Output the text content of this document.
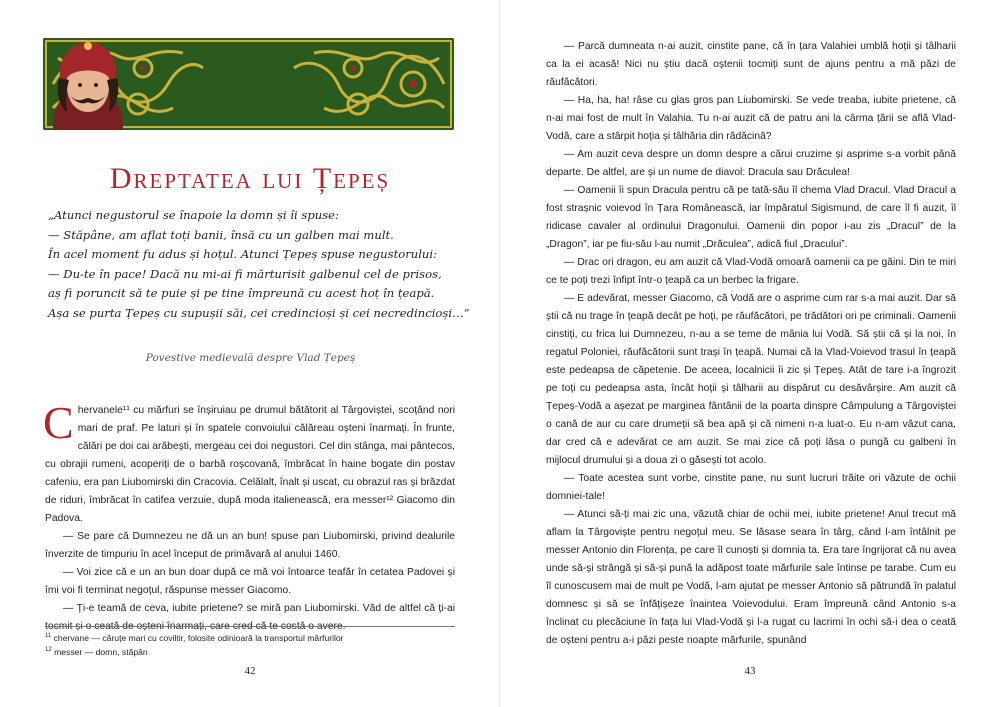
Dreptatea lui Țepeș

„Atunci negustorul se înapoie la domn și îi spuse:

— Stăpâne, am aflat toți banii, însă cu un galben mai mult.

În acel moment fu adus și hoțul. Atunci Țepeș spuse negustorului:

— Du-te în pace! Dacă nu mi-ai fi mărturisit galbenul cel de prisos,

aș fi poruncit să te puie și pe tine împreună cu acest hoț în țeapă.

Așa se purta Țepeș cu supușii săi, cei credincioși și cei necredincioși…”

Povestive medievală despre Vlad Țepeș

Chervanele¹¹ cu mărfuri se înșiruiau pe drumul bătătorit al Târgoviștei, scoțând nori mari de praf. Pe laturi și în spatele convoiului călăreau oșteni înarmați. În frunte, călări pe doi cai arăbești, mergeau cei doi negustori. Cel din stânga, mai pântecos, cu obrajii rumeni, acoperiți de o barbă roșcovană, îmbrăcat în haine bogate din postav cafeniu, era pan Liubomirski din Cracovia. Celălalt, înalt și uscat, cu obrazul ras și brăzdat de riduri, îmbrăcat în catifea verzuie, după moda italienească, era messer¹² Giacomo din Padova.

— Se pare că Dumnezeu ne dă un an bun! spuse pan Liubomirski, privind dealurile înverzite de timpuriu în acel început de primăvară al anului 1460.

— Voi zice că e un an bun doar după ce mă voi întoarce teafăr în cetatea Padovei și îmi voi fi terminat negoțul, răspunse messer Giacomo.

— Ți-e teamă de ceva, iubite prietene? se miră pan Liubomirski. Văd de altfel că ți-ai tocmit și o ceată de oșteni înarmați, care cred că te costă o avere.

$^{11}$ chervane — căruțe mari cu coviltir, folosite odinioară la transportul mărfurilor

$^{12}$ messer — domn, stăpân

42	43

— Parcă dumneata n-ai auzit, cinstite pane, că în țara Valahiei umblă hoții și tâlharii ca la ei acasă! Nici nu știu dacă oștenii tocmiți sunt de ajuns pentru a mă păzi de răufăcători.

— Ha, ha, ha! râse cu glas gros pan Liubomirski. Se vede treaba, iubite prietene, că n-ai mai fost de mult în Valahia. Tu n-ai auzit că de patru ani la cârma țării se află Vlad-Vodă, care a stârpit hoția și tâlhăria din rădăcină?

— Am auzit ceva despre un domn despre a cărui cruzime și asprime s-a vorbit până departe. De altfel, are și un nume de diavol: Dracula sau Drăculea!

— Oamenii îi spun Dracula pentru că pe tată-său îl chema Vlad Dracul. Vlad Dracul a fost strașnic voievod în Țara Românească, iar împăratul Sigismund, de care îl fi auzit, îl ridicase cavaler al ordinului Dragonului. Oamenii din popor i-au zis „Dracul” de la „Dragon”, iar pe fiu-său l-au numit „Drăculea”, adică fiul „Dracului”.

— Drac ori dragon, eu am auzit că Vlad-Vodă omoară oamenii ca pe găini. Din te miri ce te poți trezi înfipt într-o țeapă ca un berbec la frigare.

— E adevărat, messer Giacomo, că Vodă are o asprime cum rar s-a mai auzit. Dar să știi că nu trage în țeapă decât pe hoți, pe răufăcători, pe trădători ori pe criminali. Oamenii cinstiți, cu frica lui Dumnezeu, n-au a se teme de mânia lui Vodă. Să știi că și la noi, în regatul Poloniei, răufăcătorii sunt trași în țeapă. Numai că la Vlad-Voievod trasul în țeapă este pedeapsa de căpetenie. De aceea, localnicii îi zic și Țepeș. Atât de tare i-a îngrozit pe toți cu pedeapsa asta, încât hoții și tâlharii au dispărut cu desăvârșire. Am auzit că Țepeș-Vodă a așezat pe marginea fântânii de la poarta dinspre Câmpulung a Târgoviștei o cană de aur cu care drumeții să bea apă și că nimeni n-a luat-o. Eu n-am văzut cana, dar cred că e adevărat ce am auzit. Se mai zice că poți lăsa o pungă cu galbeni în mijlocul drumului și a doua zi o găsești tot acolo.

— Toate acestea sunt vorbe, cinstite pane, nu sunt lucruri trăite ori văzute de ochii domniei-tale!

— Atunci să-ți mai zic una, văzută chiar de ochii mei, iubite prietene! Anul trecut mă aflam la Târgoviște pentru negoțul meu. Se lăsase seara în târg, când l-am întâlnit pe messer Antonio din Florența, pe care îl cunoști și domnia ta. Era tare îngrijorat că nu avea unde să-și strângă și să-și pună la adăpost toate mărfurile sale întinse pe tarabe. Cum eu îl cunoscusem mai de mult pe Vodă, l-am ajutat pe messer Antonio să pătrundă în palatul domnesc și să se înfățișeze înaintea Voievodului. Eram împreună când Antonio s-a înclinat cu plecăciune în fața lui Vlad-Vodă și l-a rugat cu lacrimi în ochi să-i dea o ceată de oșteni pentru a-i păzi peste noapte mărfurile, spunând
